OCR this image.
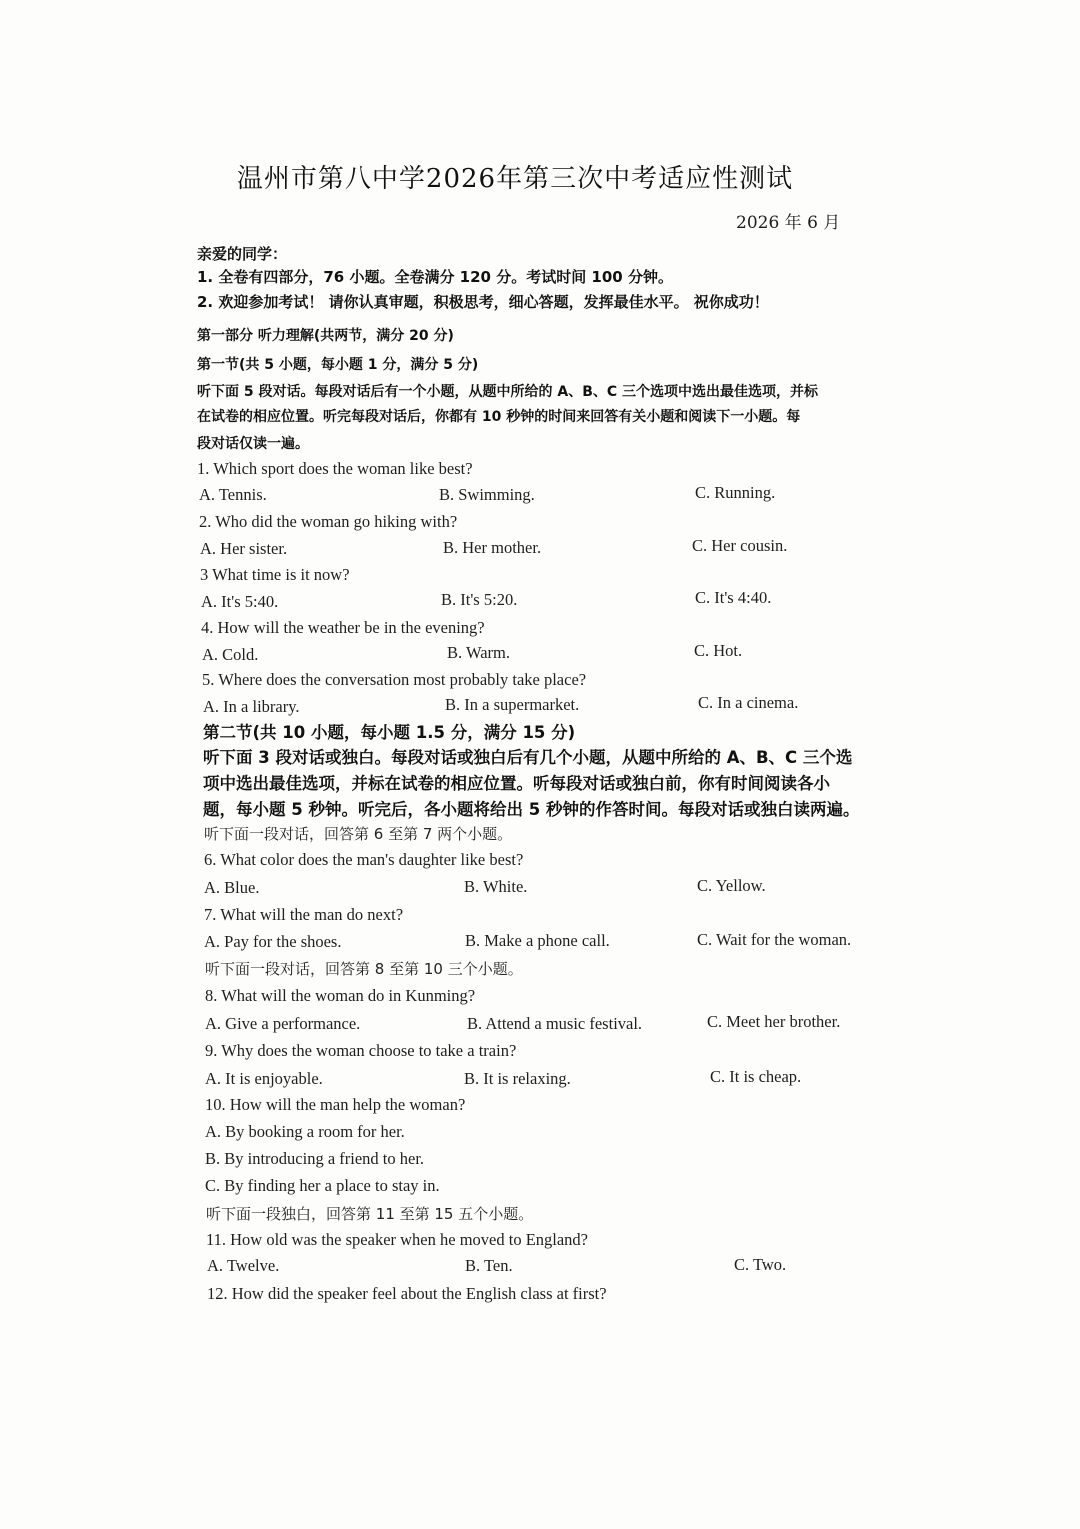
温州市第八中学2026年第三次中考适应性测试
2026 年 6 月
亲爱的同学：
1. 全卷有四部分，76 小题。全卷满分 120 分。考试时间 100 分钟。
2. 欢迎参加考试！ 请你认真审题，积极思考，细心答题，发挥最佳水平。 祝你成功！
第一部分 听力理解(共两节，满分 20 分)
第一节(共 5 小题，每小题 1 分，满分 5 分)
听下面 5 段对话。每段对话后有一个小题，从题中所给的 A、B、C 三个选项中选出最佳选项，并标
在试卷的相应位置。听完每段对话后，你都有 10 秒钟的时间来回答有关小题和阅读下一小题。每
段对话仅读一遍。
1. Which sport does the woman like best?
A. Tennis.	B. Swimming.	C. Running.
2. Who did the woman go hiking with?
A. Her sister.	B. Her mother.	C. Her cousin.
3 What time is it now?
A. It's 5:40.	B. It's 5:20.	C. It's 4:40.
4. How will the weather be in the evening?
A. Cold.	B. Warm.	C. Hot.
5. Where does the conversation most probably take place?
A. In a library.	B. In a supermarket.	C. In a cinema.
第二节(共 10 小题，每小题 1.5 分，满分 15 分)
听下面 3 段对话或独白。每段对话或独白后有几个小题，从题中所给的 A、B、C 三个选
项中选出最佳选项，并标在试卷的相应位置。听每段对话或独白前，你有时间阅读各小
题，每小题 5 秒钟。听完后，各小题将给出 5 秒钟的作答时间。每段对话或独白读两遍。
听下面一段对话，回答第 6 至第 7 两个小题。
6. What color does the man's daughter like best?
A. Blue.	B. White.	C. Yellow.
7. What will the man do next?
A. Pay for the shoes.	B. Make a phone call.	C. Wait for the woman.
听下面一段对话，回答第 8 至第 10 三个小题。
8. What will the woman do in Kunming?
A. Give a performance.	B. Attend a music festival.	C. Meet her brother.
9. Why does the woman choose to take a train?
A. It is enjoyable.	B. It is relaxing.	C. It is cheap.
10. How will the man help the woman?
A. By booking a room for her.
B. By introducing a friend to her.
C. By finding her a place to stay in.
听下面一段独白，回答第 11 至第 15 五个小题。
11. How old was the speaker when he moved to England?
A. Twelve.	B. Ten.	C. Two.
12. How did the speaker feel about the English class at first?
